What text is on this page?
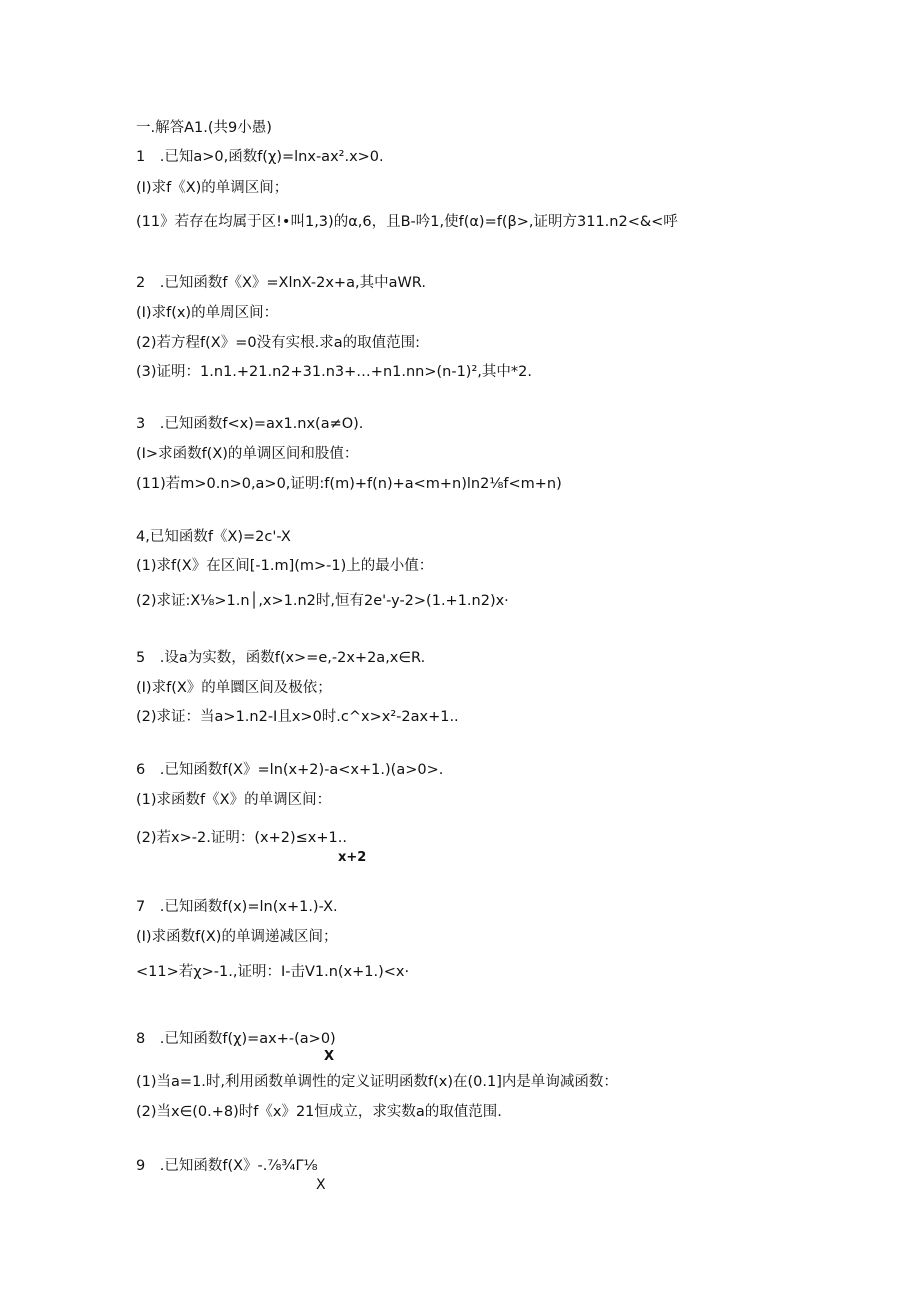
一.解答A1.(共9小愚)
1　.已知a>0,函数f(χ)=lnx-ax².x>0.
(I)求f《X)的单调区间；
(11》若存在均属于区!•叫1,3)的α,6，且B-吟1,使f(α)=f(β>,证明方311.n2<&<呼
2　.已知函数f《X》=XlnX-2x+a,其中aWR.
(I)求f(x)的单周区间：
(2)若方程f(X》=0没有实根.求a的取值范围:
(3)证明：1.n1.+21.n2+31.n3+…+n1.nn>(n-1)²,其中*2.
3　.已知函数f<x)=ax1.nx(a≠O).
(I>求函数f(X)的单调区间和股值：
(11)若m>0.n>0,a>0,证明:f(m)+f(n)+a<m+n)ln2⅛f<m+n)
4,已知函数f《X)=2c'-X
(1)求f(X》在区间[-1.m](m>-1)上的最小值：
(2)求证:X⅛>1.n│,x>1.n2时,恒有2e'-y-2>(1.+1.n2)x·
5　.设a为实数，函数f(x>=e,-2x+2a,x∈R.
(I)求f(X》的单圜区间及极依；
(2)求证：当a>1.n2-I且x>0时.c^x>x²-2ax+1..
6　.已知函数f(X》=ln(x+2)-a<x+1.)(a>0>.
(1)求函数f《X》的单调区间：
(2)若x>-2.证明：(x+2)≤x+1..
x+2
7　.已知函数f(x)=ln(x+1.)-X.
(I)求函数f(X)的单调递减区间；
<11>若χ>-1.,证明：I-击V1.n(x+1.)<x·
8　.已知函数f(χ)=ax+-(a>0)
X
(1)当a=1.时,利用函数单调性的定义证明函数f(x)在(0.1]内是单询减函数：
(2)当x∈(0.+8)时f《x》21恒成立，求实数a的取值范围.
9　.已知函数f(X》-.⅞¾Γ⅛
X
